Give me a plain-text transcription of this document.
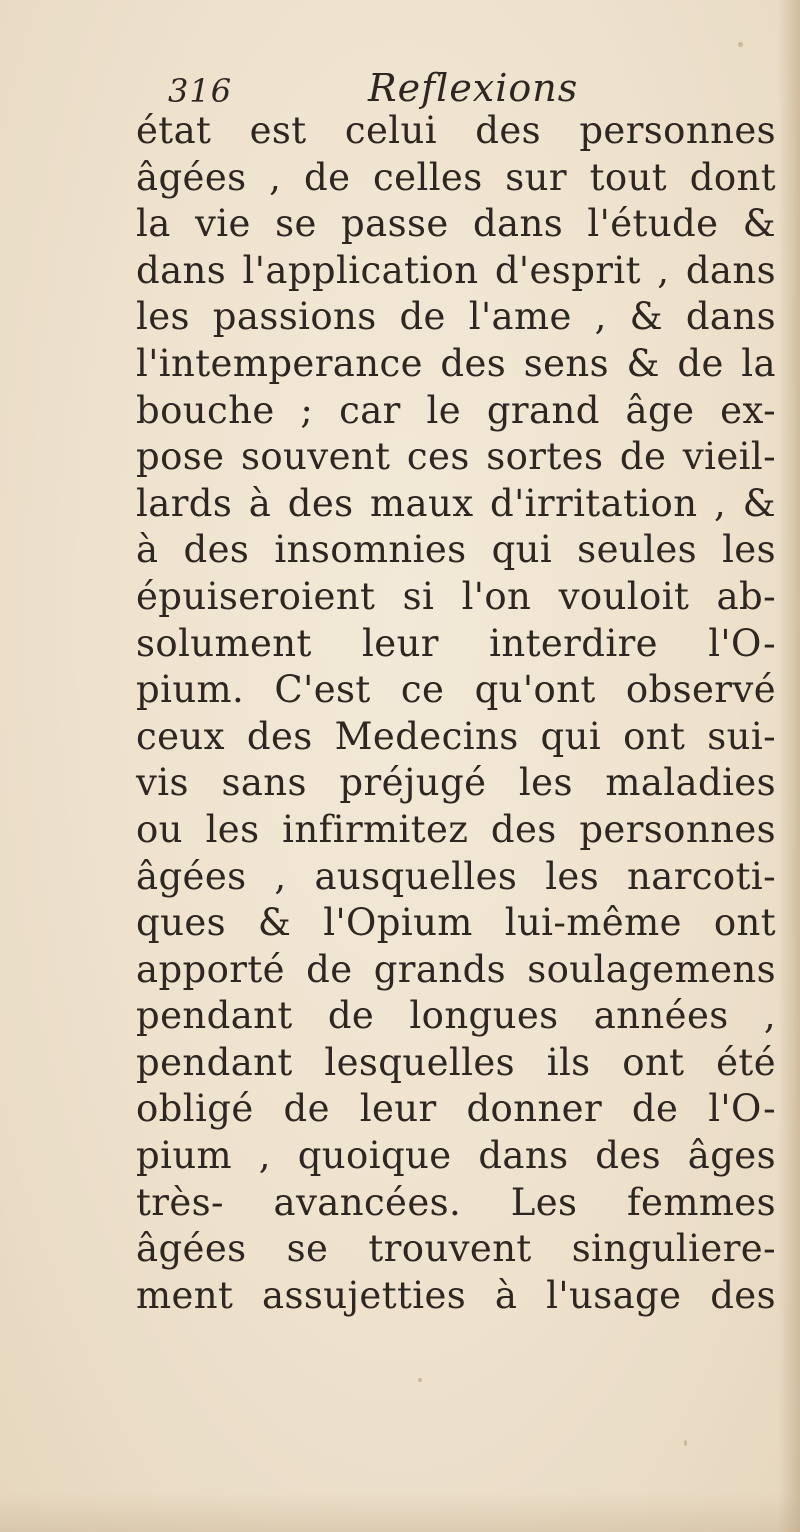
316	Reflexions
état est celui des personnes
âgées , de celles sur tout dont
la vie se passe dans l'étude &
dans l'application d'esprit , dans
les passions de l'ame , & dans
l'intemperance des sens & de la
bouche ; car le grand âge ex-
pose souvent ces sortes de vieil-
lards à des maux d'irritation , &
à des insomnies qui seules les
épuiseroient si l'on vouloit ab-
solument leur interdire l'O-
pium. C'est ce qu'ont observé
ceux des Medecins qui ont sui-
vis sans préjugé les maladies
ou les infirmitez des personnes
âgées , ausquelles les narcoti-
ques & l'Opium lui-même ont
apporté de grands soulagemens
pendant de longues années ,
pendant lesquelles ils ont été
obligé de leur donner de l'O-
pium , quoique dans des âges
très- avancées. Les femmes
âgées se trouvent singuliere-
ment assujetties à l'usage des
